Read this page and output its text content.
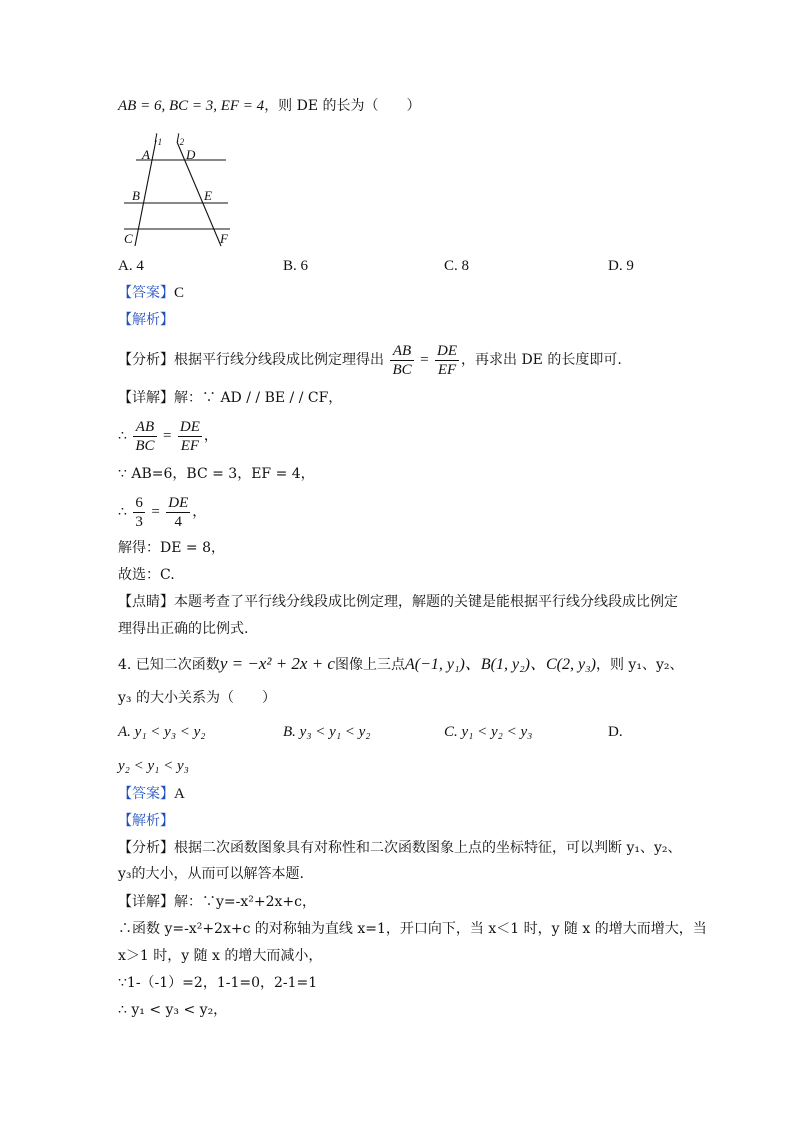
AB = 6, BC = 3, EF = 4，则 DE 的长为（　　）
$l_1$ $l_2$
A	D
B	E
C	F
A. 4	B. 6	C. 8	D. 9
【答案】C
【解析】
【分析】根据平行线分线段成比例定理得出 $\frac{AB}{BC} = \frac{DE}{EF}$ ，再求出 DE 的长度即可.
【详解】解：∵ AD / / BE / / CF，
∴ $\frac{AB}{BC} = \frac{DE}{EF}$ ，
∵ AB=6，BC = 3，EF = 4，
∴ $\frac{6}{3} = \frac{DE}{4}$ ，
解得：DE = 8，
故选：C.
【点睛】本题考查了平行线分线段成比例定理，解题的关键是能根据平行线分线段成比例定
理得出正确的比例式.
4. 已知二次函数y = −x² + 2x + c图像上三点A(−1, y₁)、B(1, y₂)、C(2, y₃)，则 y₁、y₂、
y₃ 的大小关系为（　　）
A. y₁ < y₃ < y₂	B. y₃ < y₁ < y₂	C. y₁ < y₂ < y₃	D.
y₂ < y₁ < y₃
【答案】A
【解析】
【分析】根据二次函数图象具有对称性和二次函数图象上点的坐标特征，可以判断 y₁、y₂、
y₃的大小，从而可以解答本题.
【详解】解：∵y=-x²+2x+c，
∴函数 y=-x²+2x+c 的对称轴为直线 x=1，开口向下，当 x＜1 时，y 随 x 的增大而增大，当
x＞1 时，y 随 x 的增大而减小，
∵1-（-1）=2，1-1=0，2-1=1
∴ y₁ < y₃ < y₂，
